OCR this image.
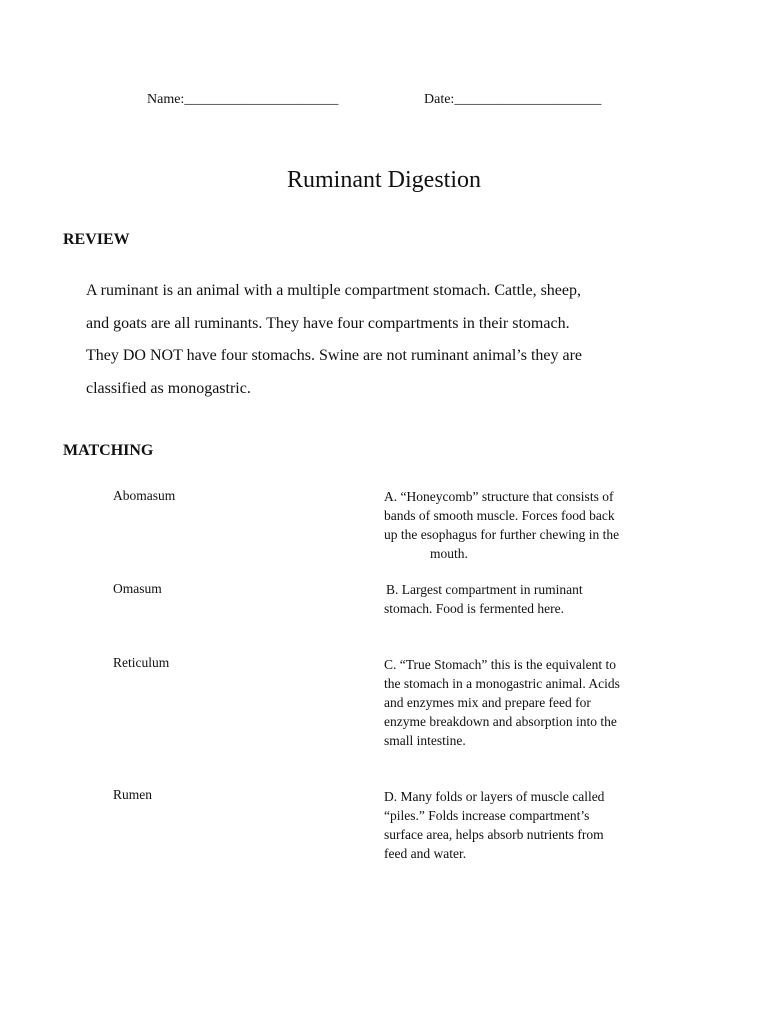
Name:______________________	Date:_____________________
Ruminant Digestion
REVIEW
A ruminant is an animal with a multiple compartment stomach. Cattle, sheep,
and goats are all ruminants. They have four compartments in their stomach.
They DO NOT have four stomachs. Swine are not ruminant animal’s they are
classified as monogastric.
MATCHING
Abomasum
Omasum
Reticulum
Rumen
A. “Honeycomb” structure that consists of
bands of smooth muscle. Forces food back
up the esophagus for further chewing in the
mouth.
B. Largest compartment in ruminant
stomach. Food is fermented here.
C. “True Stomach” this is the equivalent to
the stomach in a monogastric animal. Acids
and enzymes mix and prepare feed for
enzyme breakdown and absorption into the
small intestine.
D. Many folds or layers of muscle called
“piles.” Folds increase compartment’s
surface area, helps absorb nutrients from
feed and water.
